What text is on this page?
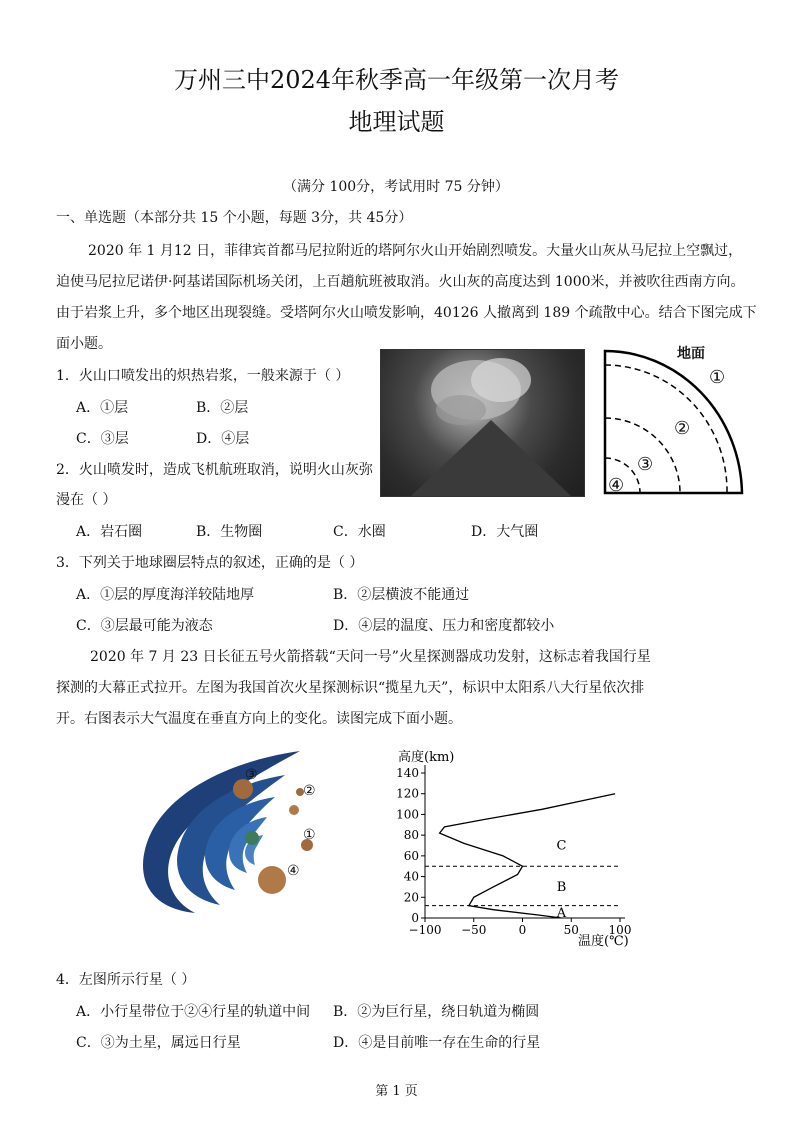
万州三中2024年秋季高一年级第一次月考
地理试题
（满分 100分，考试用时 75 分钟）
一、单选题（本部分共 15 个小题，每题 3分，共 45分）
2020 年 1 月12 日，菲律宾首都马尼拉附近的塔阿尔火山开始剧烈喷发。大量火山灰从马尼拉上空飘过，
迫使马尼拉尼诺伊·阿基诺国际机场关闭，上百趟航班被取消。火山灰的高度达到 1000米，并被吹往西南方向。
由于岩浆上升，多个地区出现裂缝。受塔阿尔火山喷发影响，40126 人撤离到 189 个疏散中心。结合下图完成下
面小题。
1．火山口喷发出的炽热岩浆，一般来源于（ ）
A．①层	B．②层
C．③层	D．④层
2．火山喷发时，造成飞机航班取消，说明火山灰弥
漫在（ ）
A．岩石圈	B．生物圈	C．水圈	D．大气圈
地面
①
②
③
④
3．下列关于地球圈层特点的叙述，正确的是（ ）
A．①层的厚度海洋较陆地厚	B．②层横波不能通过
C．③层最可能为液态	D．④层的温度、压力和密度都较小
2020 年 7 月 23 日长征五号火箭搭载“天问一号”火星探测器成功发射，这标志着我国行星
探测的大幕正式拉开。左图为我国首次火星探测标识“揽星九天”，标识中太阳系八大行星依次排
开。右图表示大气温度在垂直方向上的变化。读图完成下面小题。
③
②
①
④
0
20
40
60
80
100
120
140
−100 −50	0	50 100
高度(km)
温度(℃)
A
B
C
4．左图所示行星（ ）
A．小行星带位于②④行星的轨道中间 B．②为巨行星，绕日轨道为椭圆
C．③为土星，属远日行星	D．④是目前唯一存在生命的行星
第 1 页
